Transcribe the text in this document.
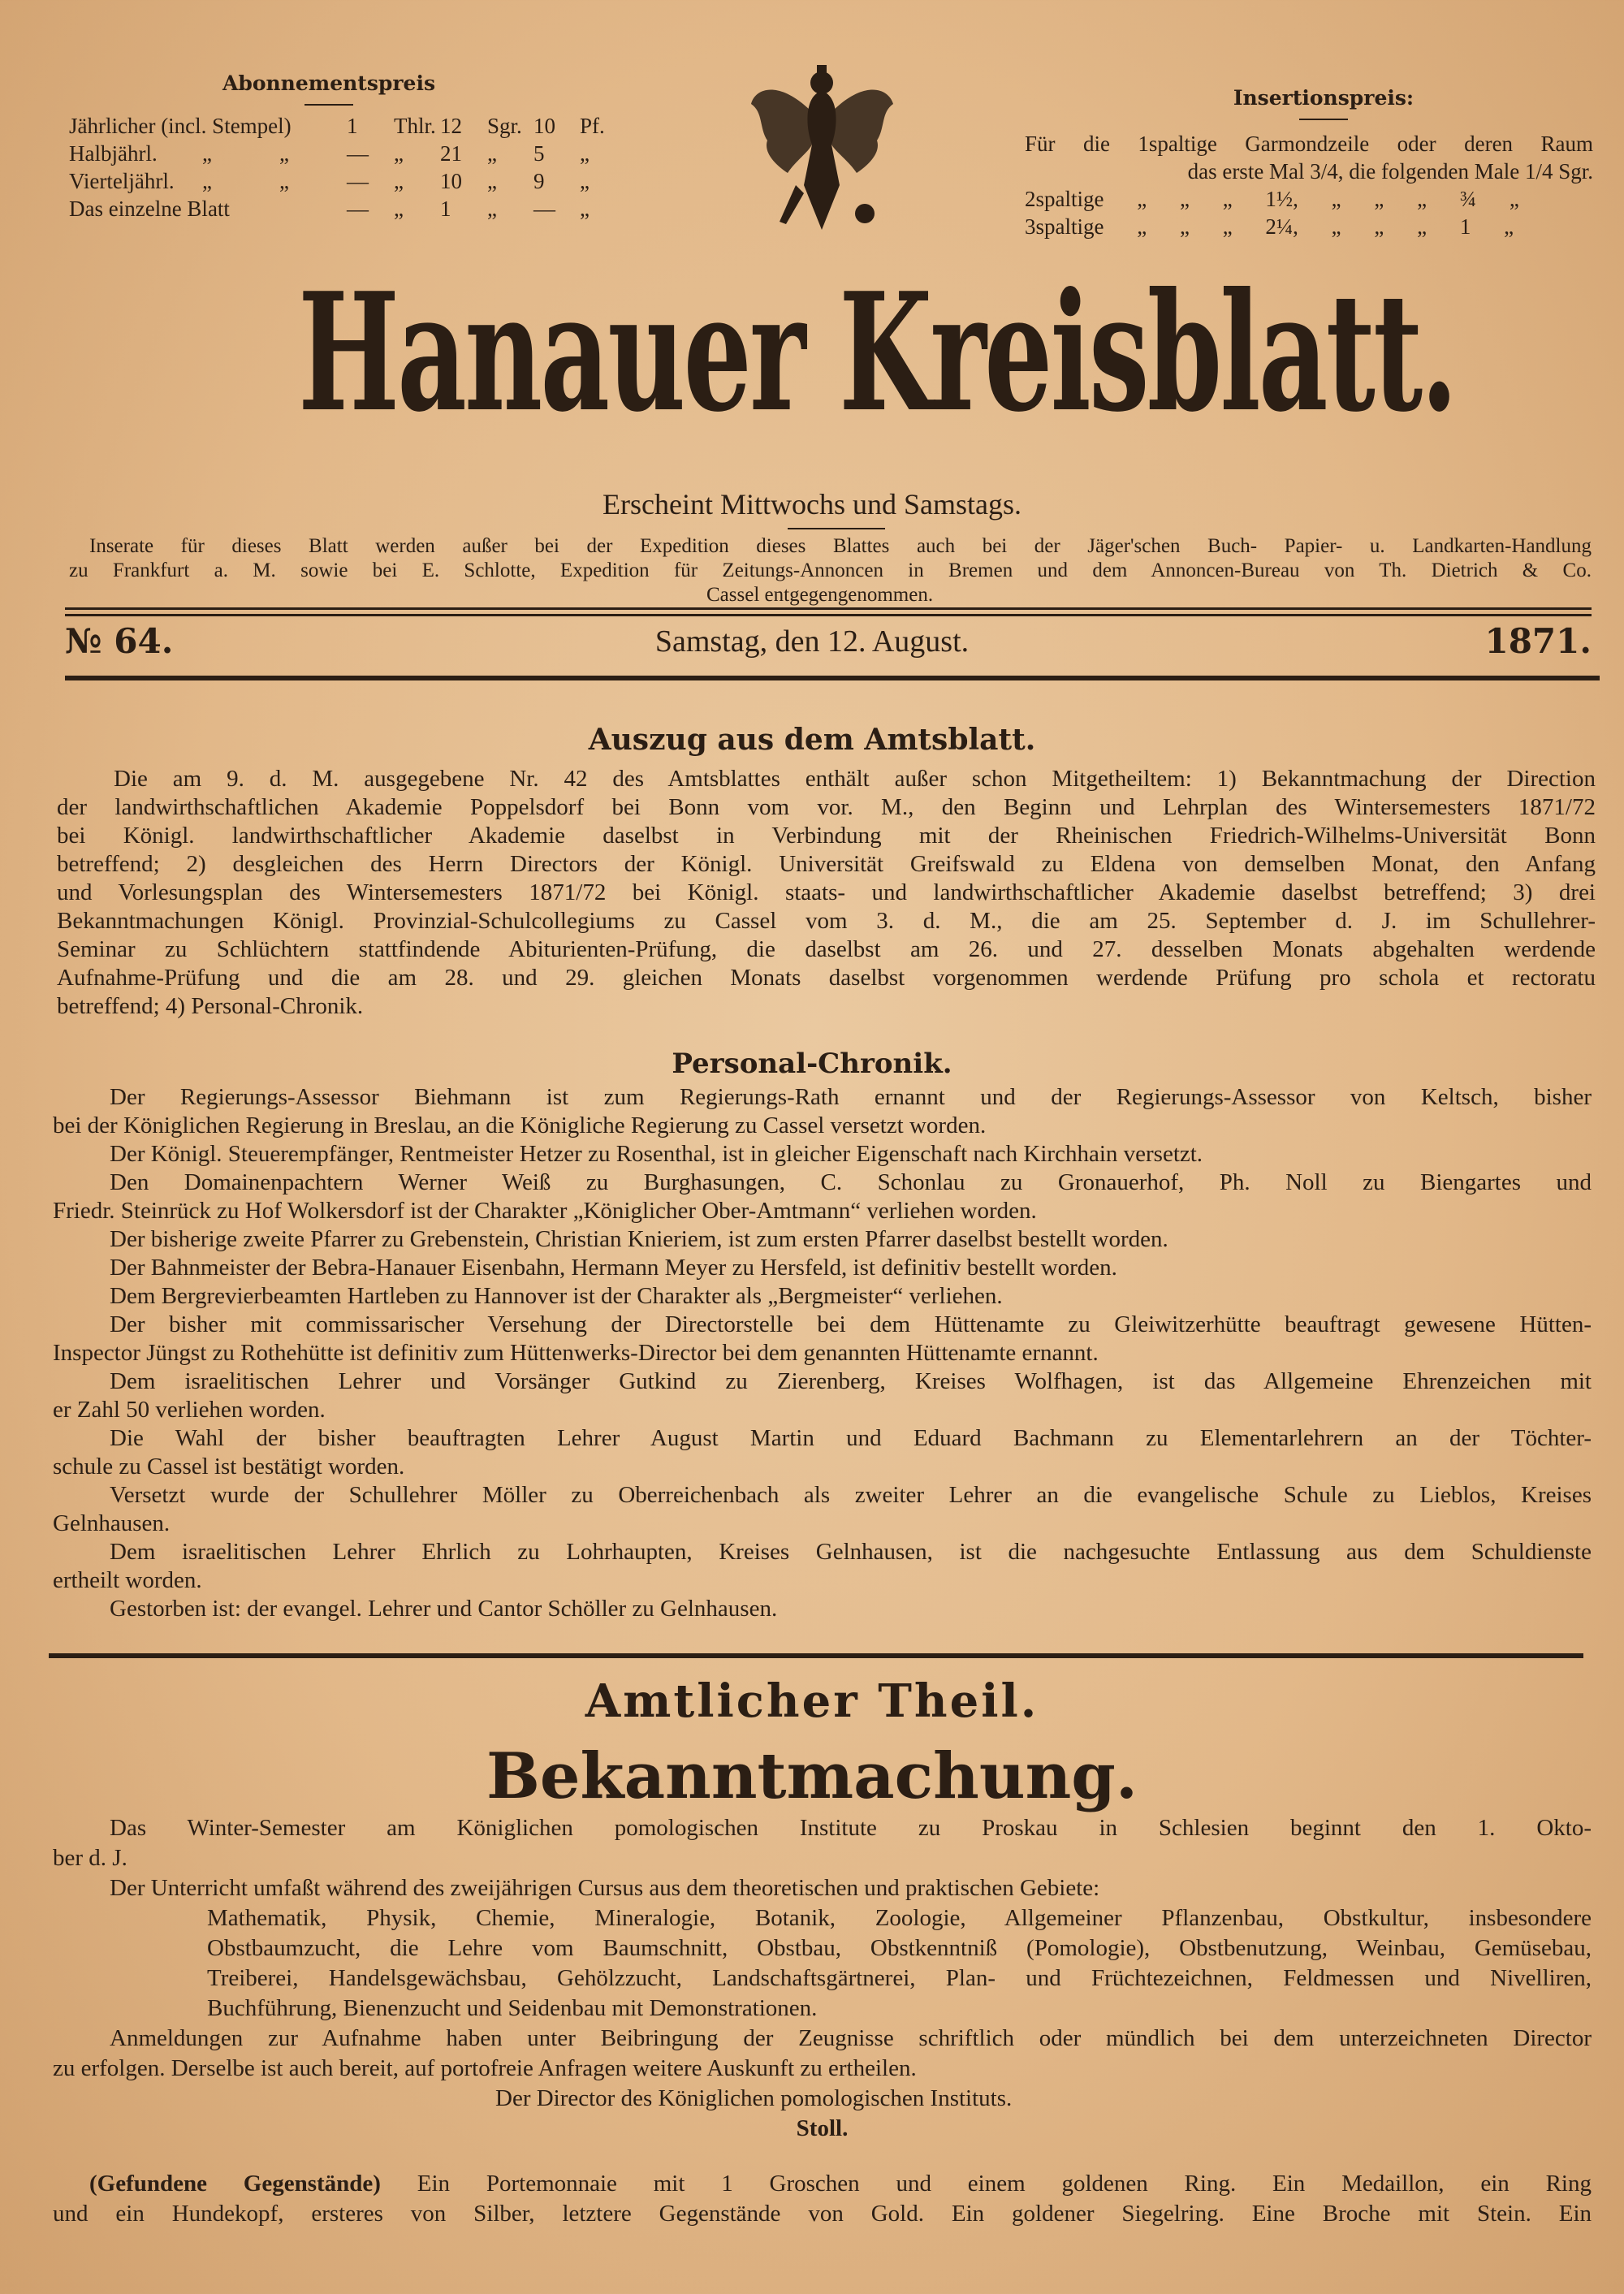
Abonnementspreis
Jährlicher (incl. Stempel)	1 Thlr. 12 Sgr. 10 Pf.
Halbjährl. „	„	— „ 21 „ 5 „
Vierteljährl. „	„	— „ 10 „ 9 „
Das einzelne Blatt	— „ 1 „ — „
Insertionspreis:
Für die 1spaltige Garmondzeile oder deren Raum
das erste Mal 3/4, die folgenden Male 1/4 Sgr.
2spaltige „ „ „ 1½, „ „ „ ¾ „
3spaltige „ „ „ 2¼, „ „ „ 1 „
Hanauer Kreisblatt.
Erscheint Mittwochs und Samstags.
Inserate für dieses Blatt werden außer bei der Expedition dieses Blattes auch bei der Jäger'schen Buch- Papier- u. Landkarten-Handlung
zu Frankfurt a. M. sowie bei E. Schlotte, Expedition für Zeitungs-Annoncen in Bremen und dem Annoncen-Bureau von Th. Dietrich & Co.
Cassel entgegengenommen.
№ 64.	Samstag, den 12. August.	1871.
Auszug aus dem Amtsblatt.
Die am 9. d. M. ausgegebene Nr. 42 des Amtsblattes enthält außer schon Mitgetheiltem: 1) Bekanntmachung der Direction
der landwirthschaftlichen Akademie Poppelsdorf bei Bonn vom vor. M., den Beginn und Lehrplan des Wintersemesters 1871/72
bei Königl. landwirthschaftlicher Akademie daselbst in Verbindung mit der Rheinischen Friedrich-Wilhelms-Universität Bonn
betreffend; 2) desgleichen des Herrn Directors der Königl. Universität Greifswald zu Eldena von demselben Monat, den Anfang
und Vorlesungsplan des Wintersemesters 1871/72 bei Königl. staats- und landwirthschaftlicher Akademie daselbst betreffend; 3) drei
Bekanntmachungen Königl. Provinzial-Schulcollegiums zu Cassel vom 3. d. M., die am 25. September d. J. im Schullehrer-
Seminar zu Schlüchtern stattfindende Abiturienten-Prüfung, die daselbst am 26. und 27. desselben Monats abgehalten werdende
Aufnahme-Prüfung und die am 28. und 29. gleichen Monats daselbst vorgenommen werdende Prüfung pro schola et rectoratu
betreffend; 4) Personal-Chronik.
Personal-Chronik.
Der Regierungs-Assessor Biehmann ist zum Regierungs-Rath ernannt und der Regierungs-Assessor von Keltsch, bisher
bei der Königlichen Regierung in Breslau, an die Königliche Regierung zu Cassel versetzt worden.
Der Königl. Steuerempfänger, Rentmeister Hetzer zu Rosenthal, ist in gleicher Eigenschaft nach Kirchhain versetzt.
Den Domainenpachtern Werner Weiß zu Burghasungen, C. Schonlau zu Gronauerhof, Ph. Noll zu Biengartes und
Friedr. Steinrück zu Hof Wolkersdorf ist der Charakter „Königlicher Ober-Amtmann“ verliehen worden.
Der bisherige zweite Pfarrer zu Grebenstein, Christian Knieriem, ist zum ersten Pfarrer daselbst bestellt worden.
Der Bahnmeister der Bebra-Hanauer Eisenbahn, Hermann Meyer zu Hersfeld, ist definitiv bestellt worden.
Dem Bergrevierbeamten Hartleben zu Hannover ist der Charakter als „Bergmeister“ verliehen.
Der bisher mit commissarischer Versehung der Directorstelle bei dem Hüttenamte zu Gleiwitzerhütte beauftragt gewesene Hütten-
Inspector Jüngst zu Rothehütte ist definitiv zum Hüttenwerks-Director bei dem genannten Hüttenamte ernannt.
Dem israelitischen Lehrer und Vorsänger Gutkind zu Zierenberg, Kreises Wolfhagen, ist das Allgemeine Ehrenzeichen mit
er Zahl 50 verliehen worden.
Die Wahl der bisher beauftragten Lehrer August Martin und Eduard Bachmann zu Elementarlehrern an der Töchter-
schule zu Cassel ist bestätigt worden.
Versetzt wurde der Schullehrer Möller zu Oberreichenbach als zweiter Lehrer an die evangelische Schule zu Lieblos, Kreises
Gelnhausen.
Dem israelitischen Lehrer Ehrlich zu Lohrhaupten, Kreises Gelnhausen, ist die nachgesuchte Entlassung aus dem Schuldienste
ertheilt worden.
Gestorben ist: der evangel. Lehrer und Cantor Schöller zu Gelnhausen.
Amtlicher Theil.
Bekanntmachung.
Das Winter-Semester am Königlichen pomologischen Institute zu Proskau in Schlesien beginnt den 1. Okto-
ber d. J.
Der Unterricht umfaßt während des zweijährigen Cursus aus dem theoretischen und praktischen Gebiete:
Mathematik, Physik, Chemie, Mineralogie, Botanik, Zoologie, Allgemeiner Pflanzenbau, Obstkultur, insbesondere
Obstbaumzucht, die Lehre vom Baumschnitt, Obstbau, Obstkenntniß (Pomologie), Obstbenutzung, Weinbau, Gemüsebau,
Treiberei, Handelsgewächsbau, Gehölzzucht, Landschaftsgärtnerei, Plan- und Früchtezeichnen, Feldmessen und Nivelliren,
Buchführung, Bienenzucht und Seidenbau mit Demonstrationen.
Anmeldungen zur Aufnahme haben unter Beibringung der Zeugnisse schriftlich oder mündlich bei dem unterzeichneten Director
zu erfolgen. Derselbe ist auch bereit, auf portofreie Anfragen weitere Auskunft zu ertheilen.
Der Director des Königlichen pomologischen Instituts.
Stoll.
(Gefundene Gegenstände) Ein Portemonnaie mit 1 Groschen und einem goldenen Ring. Ein Medaillon, ein Ring
und ein Hundekopf, ersteres von Silber, letztere Gegenstände von Gold. Ein goldener Siegelring. Eine Broche mit Stein. Ein
